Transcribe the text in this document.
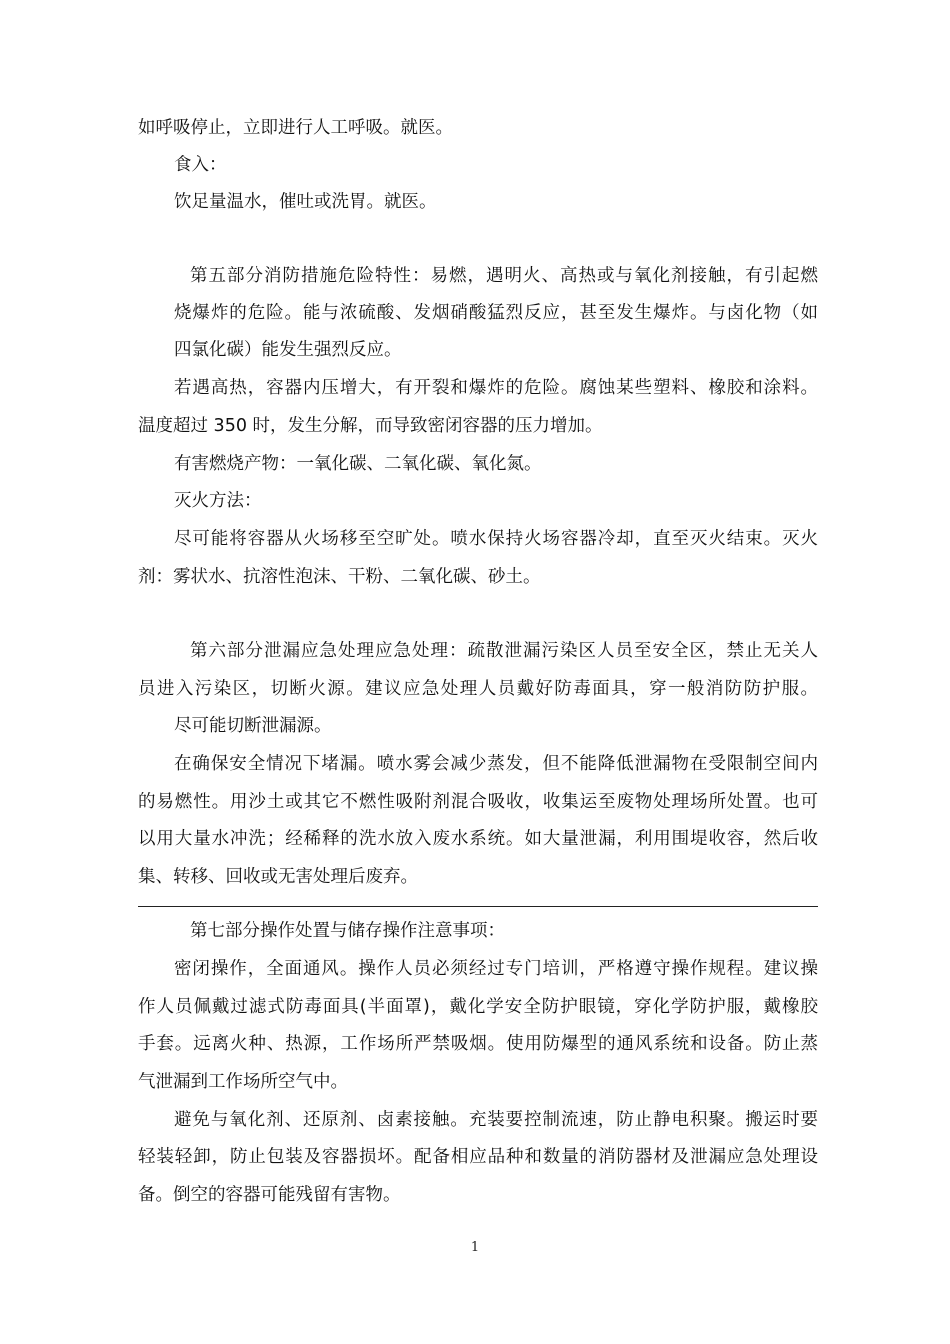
如呼吸停止，立即进行人工呼吸。就医。
食入：
饮足量温水，催吐或洗胃。就医。
第五部分消防措施危险特性：易燃，遇明火、高热或与氧化剂接触，有引起燃
烧爆炸的危险。能与浓硫酸、发烟硝酸猛烈反应，甚至发生爆炸。与卤化物（如
四氯化碳）能发生强烈反应。
若遇高热，容器内压增大，有开裂和爆炸的危险。腐蚀某些塑料、橡胶和涂料。
温度超过 350 时，发生分解，而导致密闭容器的压力增加。
有害燃烧产物：一氧化碳、二氧化碳、氧化氮。
灭火方法：
尽可能将容器从火场移至空旷处。喷水保持火场容器冷却，直至灭火结束。灭火
剂：雾状水、抗溶性泡沫、干粉、二氧化碳、砂土。
第六部分泄漏应急处理应急处理：疏散泄漏污染区人员至安全区，禁止无关人
员进入污染区，切断火源。建议应急处理人员戴好防毒面具，穿一般消防防护服。
尽可能切断泄漏源。
在确保安全情况下堵漏。喷水雾会减少蒸发，但不能降低泄漏物在受限制空间内
的易燃性。用沙土或其它不燃性吸附剂混合吸收，收集运至废物处理场所处置。也可
以用大量水冲洗；经稀释的洗水放入废水系统。如大量泄漏，利用围堤收容，然后收
集、转移、回收或无害处理后废弃。
第七部分操作处置与储存操作注意事项：
密闭操作，全面通风。操作人员必须经过专门培训，严格遵守操作规程。建议操
作人员佩戴过滤式防毒面具(半面罩)，戴化学安全防护眼镜，穿化学防护服，戴橡胶
手套。远离火种、热源，工作场所严禁吸烟。使用防爆型的通风系统和设备。防止蒸
气泄漏到工作场所空气中。
避免与氧化剂、还原剂、卤素接触。充装要控制流速，防止静电积聚。搬运时要
轻装轻卸，防止包装及容器损坏。配备相应品种和数量的消防器材及泄漏应急处理设
备。倒空的容器可能残留有害物。
1
